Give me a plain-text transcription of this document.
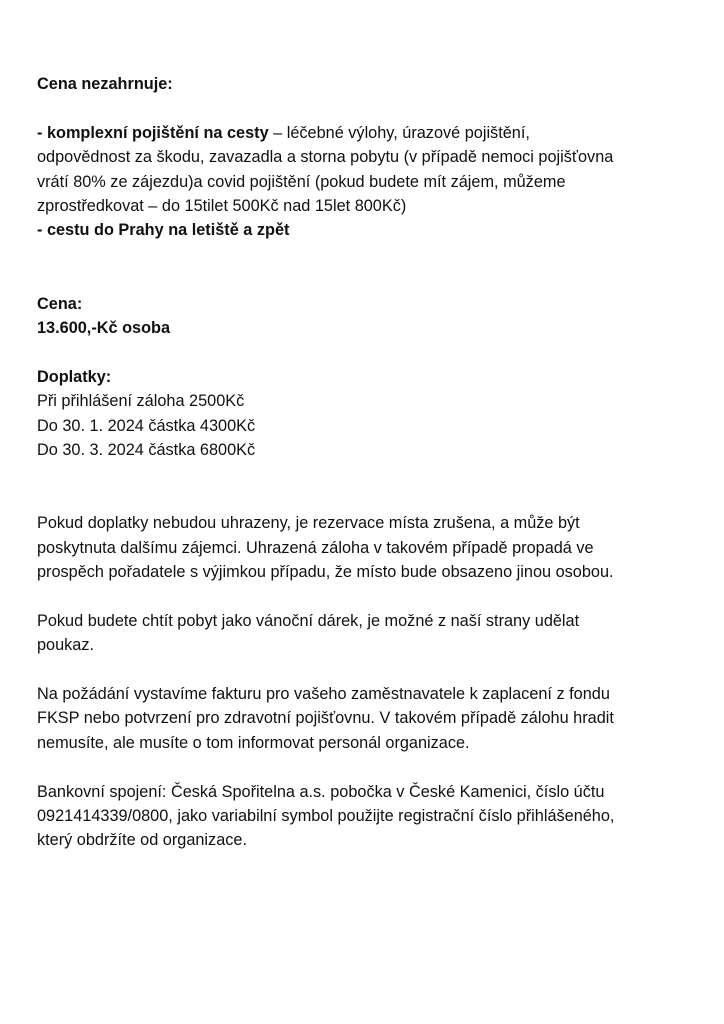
Cena nezahrnuje:
- komplexní pojištění na cesty – léčebné výlohy, úrazové pojištění,
odpovědnost za škodu, zavazadla a storna pobytu (v případě nemoci pojišťovna
vrátí 80% ze zájezdu)a covid pojištění (pokud budete mít zájem, můžeme
zprostředkovat – do 15tilet 500Kč nad 15let 800Kč)
- cestu do Prahy na letiště a zpět
Cena:
13.600,-Kč osoba
Doplatky:
Při přihlášení záloha 2500Kč
Do 30. 1. 2024 částka 4300Kč
Do 30. 3. 2024 částka 6800Kč
Pokud doplatky nebudou uhrazeny, je rezervace místa zrušena, a může být
poskytnuta dalšímu zájemci. Uhrazená záloha v takovém případě propadá ve
prospěch pořadatele s výjimkou případu, že místo bude obsazeno jinou osobou.
Pokud budete chtít pobyt jako vánoční dárek, je možné z naší strany udělat
poukaz.
Na požádání vystavíme fakturu pro vašeho zaměstnavatele k zaplacení z fondu
FKSP nebo potvrzení pro zdravotní pojišťovnu. V takovém případě zálohu hradit
nemusíte, ale musíte o tom informovat personál organizace.
Bankovní spojení: Česká Spořitelna a.s. pobočka v České Kamenici, číslo účtu
0921414339/0800, jako variabilní symbol použijte registrační číslo přihlášeného,
který obdržíte od organizace.
